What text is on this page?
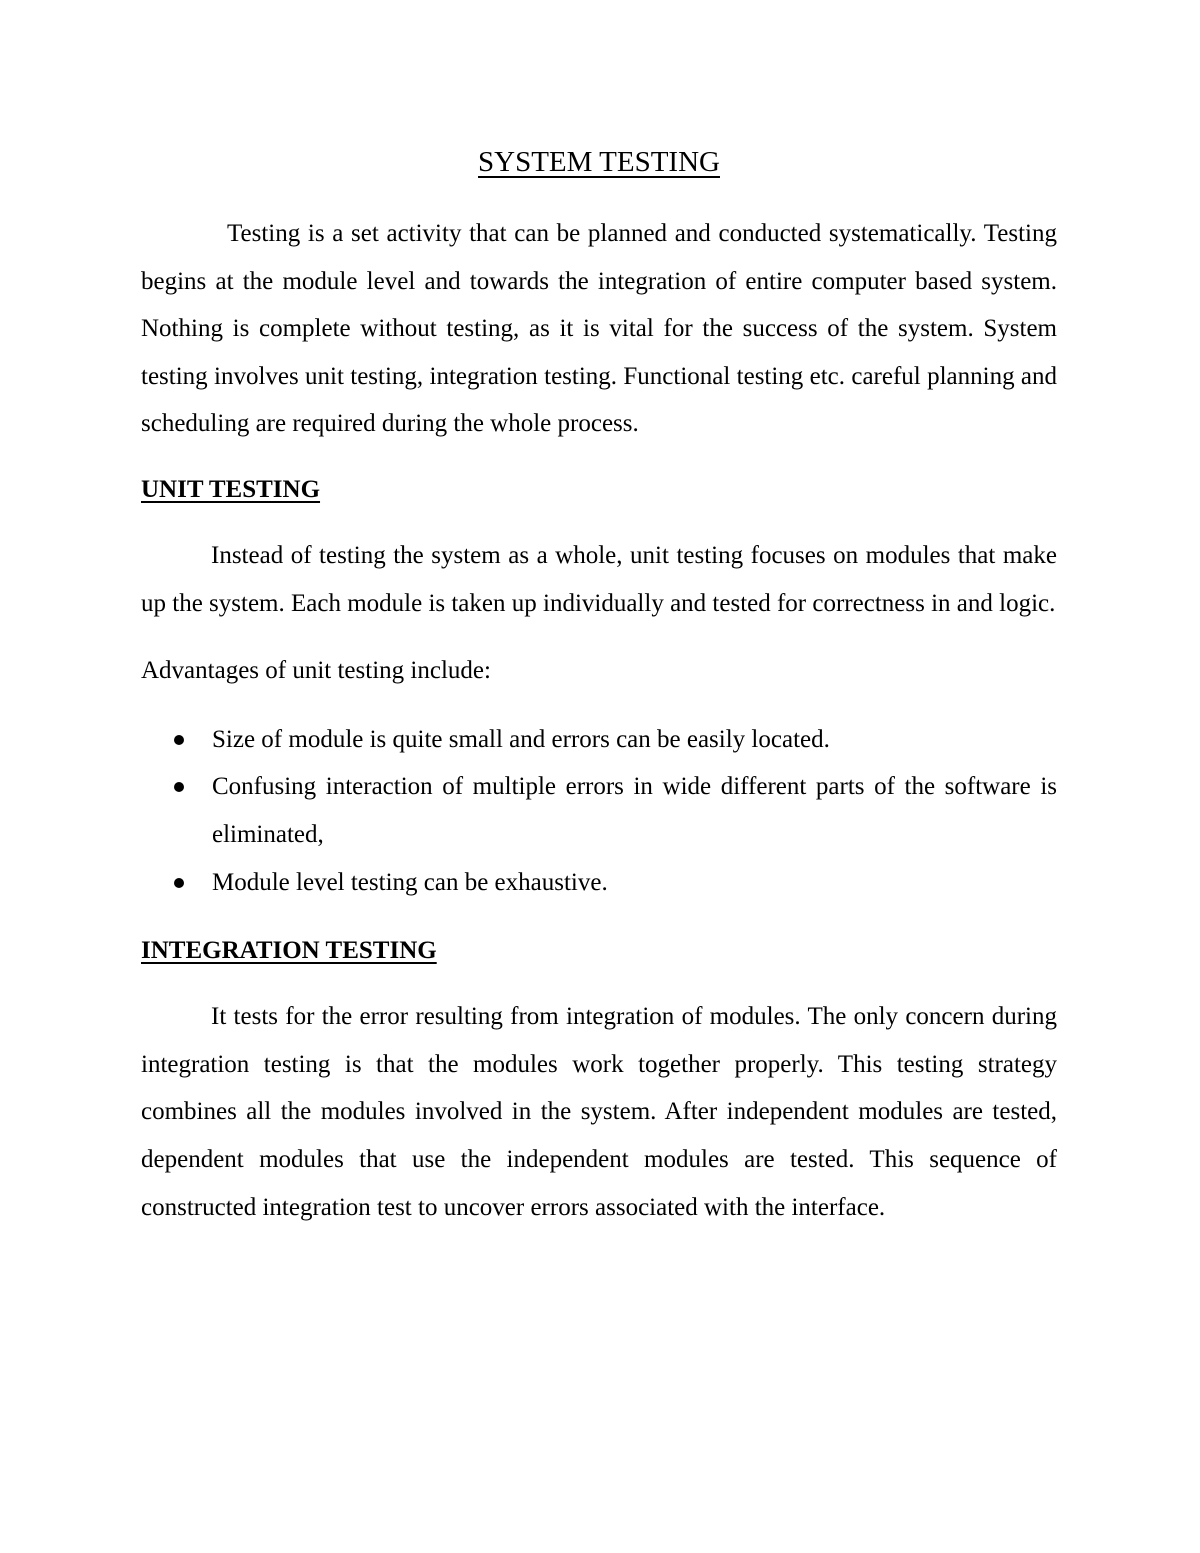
SYSTEM TESTING

Testing is a set activity that can be planned and conducted systematically. Testing begins at the module level and towards the integration of entire computer based system. Nothing is complete without testing, as it is vital for the success of the system. System testing involves unit testing, integration testing. Functional testing etc. careful planning and scheduling are required during the whole process.

UNIT TESTING

Instead of testing the system as a whole, unit testing focuses on modules that make up the system. Each module is taken up individually and tested for correctness in and logic.

Advantages of unit testing include:

Size of module is quite small and errors can be easily located.
Confusing interaction of multiple errors in wide different parts of the software is eliminated,
Module level testing can be exhaustive.
INTEGRATION TESTING

It tests for the error resulting from integration of modules. The only concern during integration testing is that the modules work together properly. This testing strategy combines all the modules involved in the system. After independent modules are tested, dependent modules that use the independent modules are tested. This sequence of constructed integration test to uncover errors associated with the interface.
